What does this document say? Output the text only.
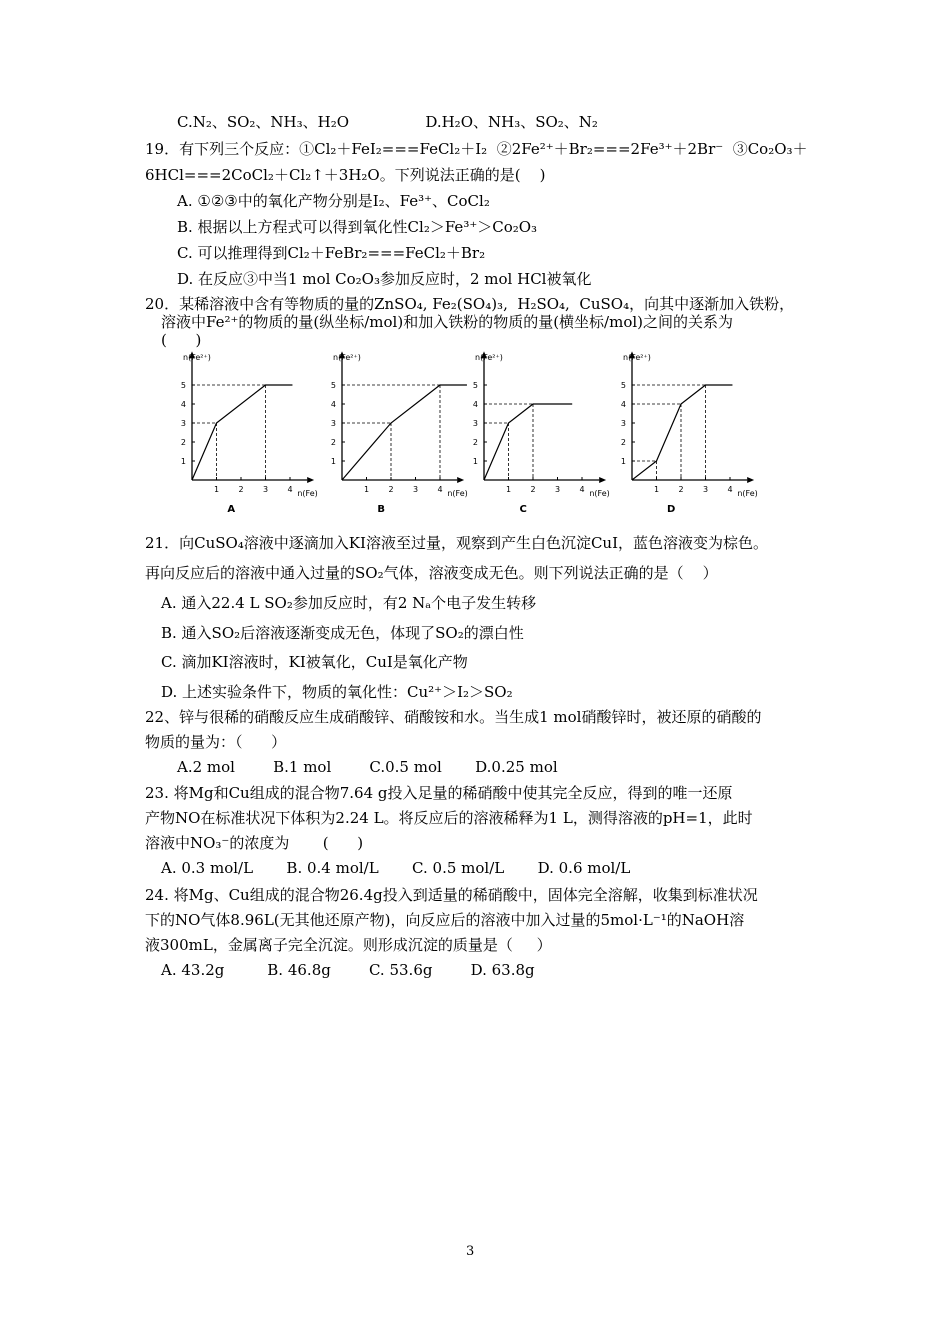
C.N₂、SO₂、NH₃、H₂O                D.H₂O、NH₃、SO₂、N₂
19．有下列三个反应：①Cl₂＋FeI₂===FeCl₂＋I₂  ②2Fe²⁺＋Br₂===2Fe³⁺＋2Br⁻  ③Co₂O₃＋
6HCl===2CoCl₂＋Cl₂↑＋3H₂O。下列说法正确的是(    )
A. ①②③中的氧化产物分别是I₂、Fe³⁺、CoCl₂
B. 根据以上方程式可以得到氧化性Cl₂＞Fe³⁺＞Co₂O₃
C. 可以推理得到Cl₂＋FeBr₂===FeCl₂＋Br₂
D. 在反应③中当1 mol Co₂O₃参加反应时，2 mol HCl被氧化
20．某稀溶液中含有等物质的量的ZnSO₄, Fe₂(SO₄)₃,  H₂SO₄,  CuSO₄，向其中逐渐加入铁粉，
溶液中Fe²⁺的物质的量(纵坐标/mol)和加入铁粉的物质的量(横坐标/mol)之间的关系为
(      )
21．向CuSO₄溶液中逐滴加入KI溶液至过量，观察到产生白色沉淀CuI，蓝色溶液变为棕色。
再向反应后的溶液中通入过量的SO₂气体，溶液变成无色。则下列说法正确的是（    ）
A. 通入22.4 L SO₂参加反应时，有2 Nₐ个电子发生转移
B. 通入SO₂后溶液逐渐变成无色，体现了SO₂的漂白性
C. 滴加KI溶液时，KI被氧化，CuI是氧化产物
D. 上述实验条件下，物质的氧化性：Cu²⁺＞I₂＞SO₂
22、锌与很稀的硝酸反应生成硝酸锌、硝酸铵和水。当生成1 mol硝酸锌时，被还原的硝酸的
物质的量为：（      ）
A.2 mol        B.1 mol        C.0.5 mol       D.0.25 mol
23. 将Mg和Cu组成的混合物7.64 g投入足量的稀硝酸中使其完全反应，得到的唯一还原
产物NO在标准状况下体积为2.24 L。将反应后的溶液稀释为1 L，测得溶液的pH=1，此时
溶液中NO₃⁻的浓度为       (      )
A. 0.3 mol/L       B. 0.4 mol/L       C. 0.5 mol/L       D. 0.6 mol/L
24. 将Mg、Cu组成的混合物26.4g投入到适量的稀硝酸中，固体完全溶解，收集到标准状况
下的NO气体8.96L(无其他还原产物)，向反应后的溶液中加入过量的5mol·L⁻¹的NaOH溶
液300mL，金属离子完全沉淀。则形成沉淀的质量是（     ）
A. 43.2g         B. 46.8g        C. 53.6g        D. 63.8g
1 2 3 4
1
2
3
4
5
n(Fe²⁺)
n(Fe)
A
1 2 3 4
1
2
3
4
5
n(Fe²⁺)
n(Fe)
B
1 2 3 4
1
2
3
4
5
n(Fe²⁺)
n(Fe)
C
1 2 3 4
1
2
3
4
5
n(Fe²⁺)
n(Fe)
D
3
